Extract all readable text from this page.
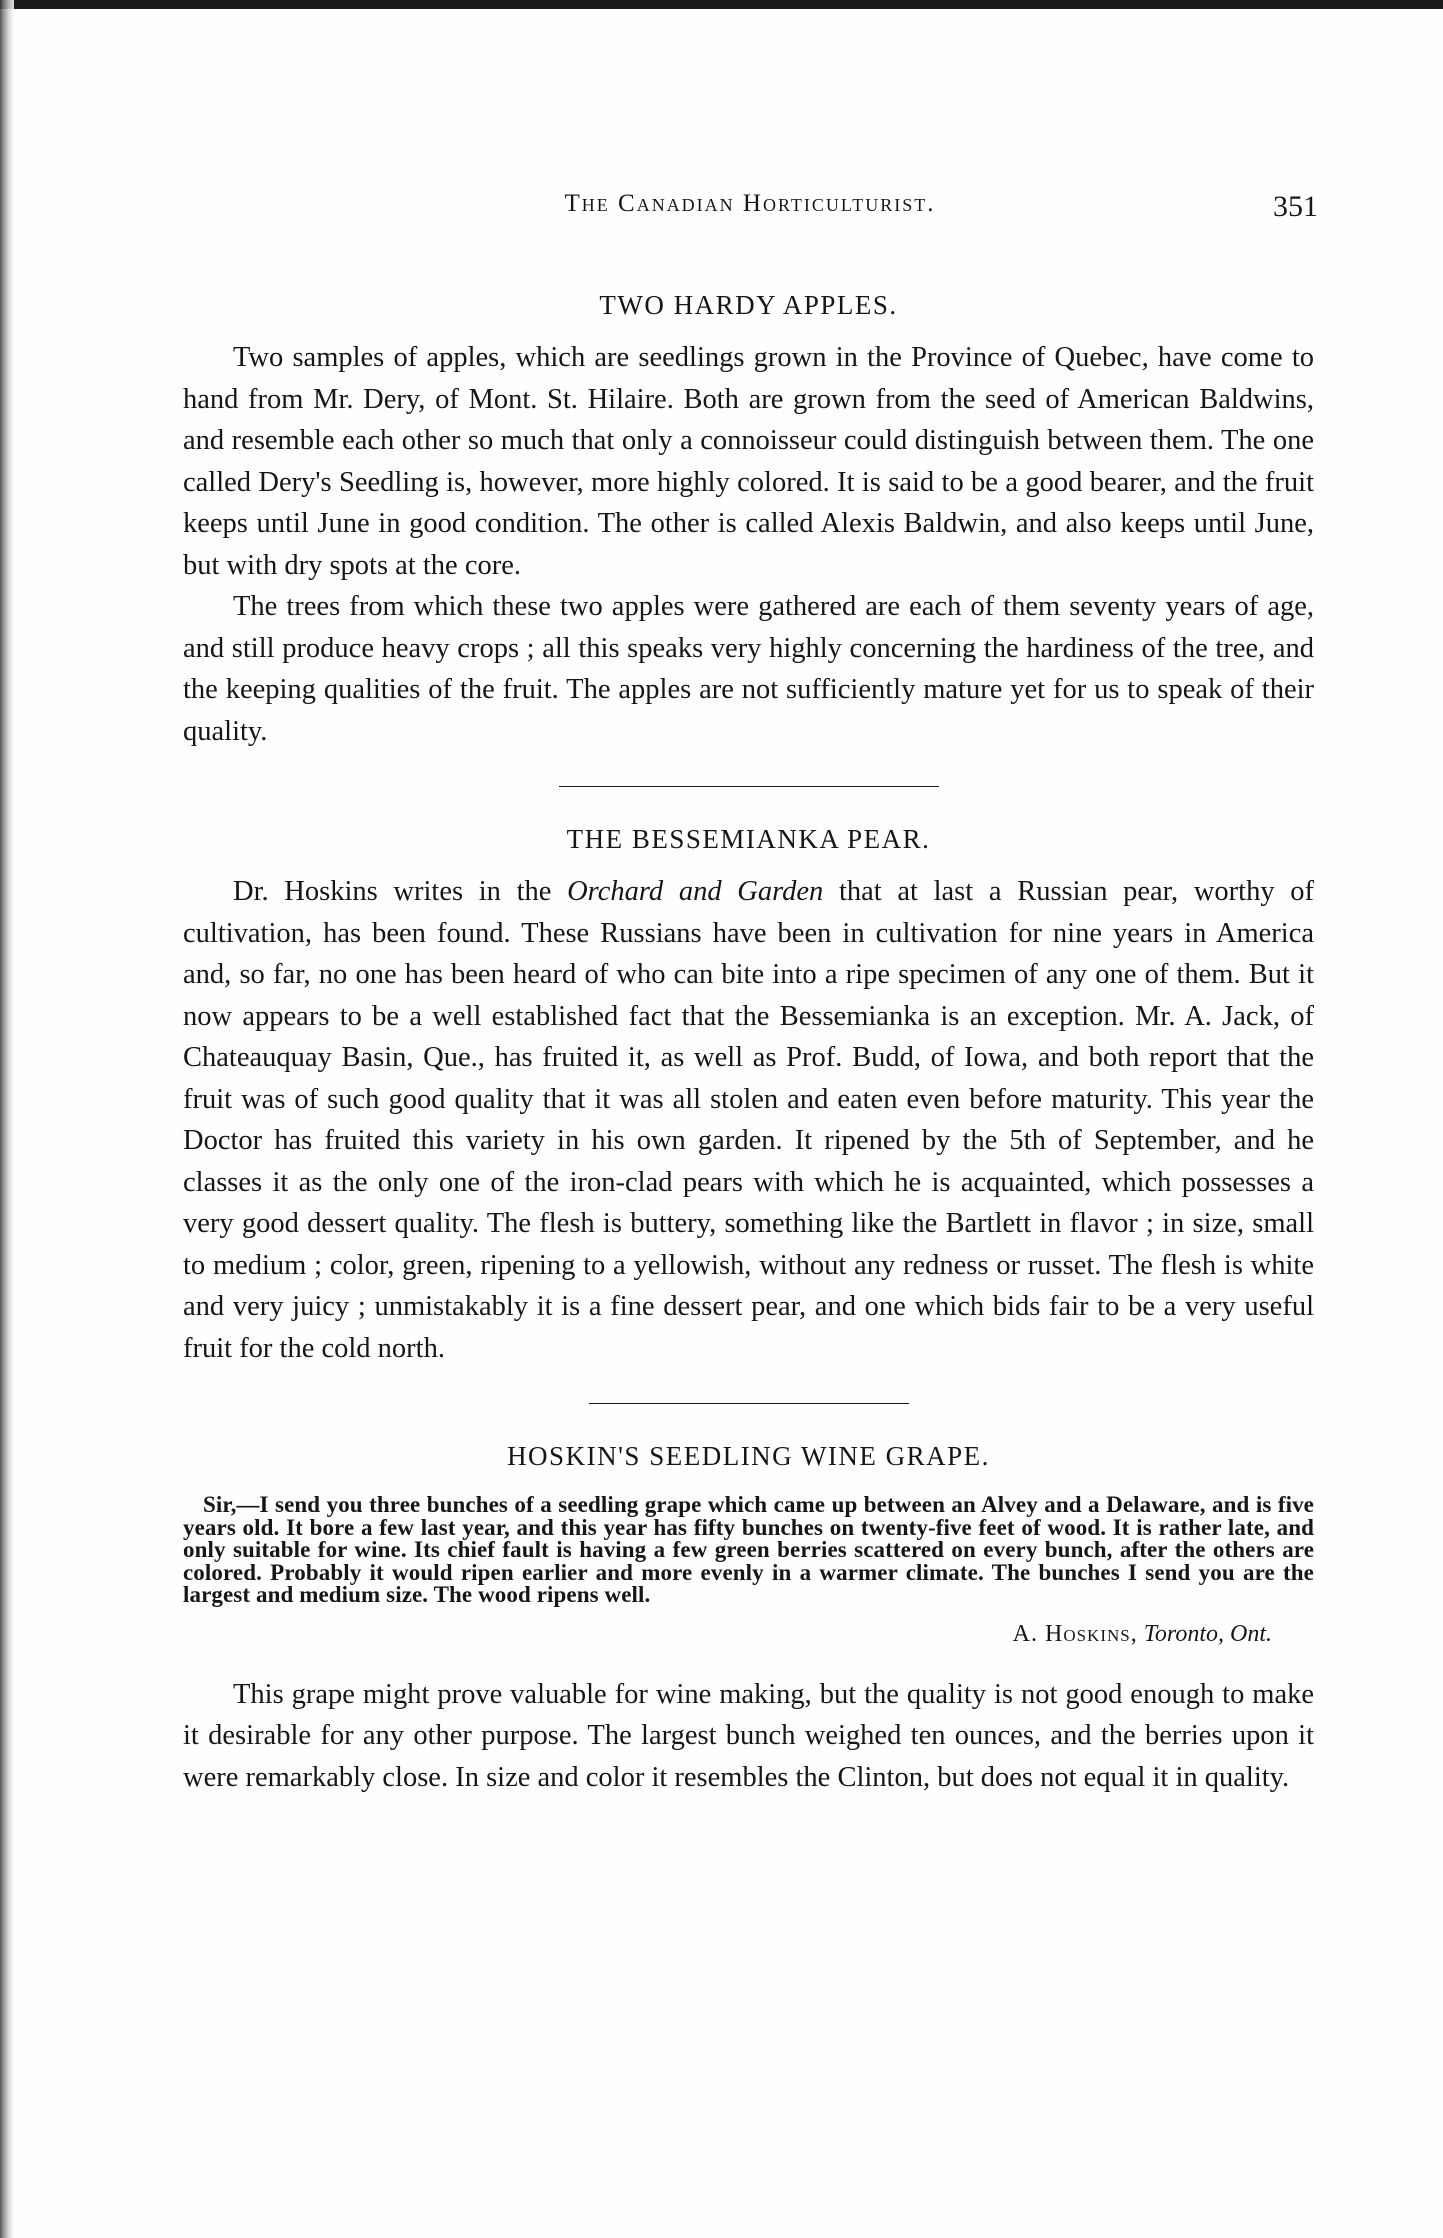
The Canadian Horticulturist.	351
TWO HARDY APPLES.

Two samples of apples, which are seedlings grown in the Province of Quebec, have come to hand from Mr. Dery, of Mont. St. Hilaire. Both are grown from the seed of American Baldwins, and resemble each other so much that only a connoisseur could distinguish between them. The one called Dery's Seedling is, however, more highly colored. It is said to be a good bearer, and the fruit keeps until June in good condition. The other is called Alexis Baldwin, and also keeps until June, but with dry spots at the core.

The trees from which these two apples were gathered are each of them seventy years of age, and still produce heavy crops ; all this speaks very highly concerning the hardiness of the tree, and the keeping qualities of the fruit. The apples are not sufficiently mature yet for us to speak of their quality.

THE BESSEMIANKA PEAR.

Dr. Hoskins writes in the Orchard and Garden that at last a Russian pear, worthy of cultivation, has been found. These Russians have been in cultivation for nine years in America and, so far, no one has been heard of who can bite into a ripe specimen of any one of them. But it now appears to be a well established fact that the Bessemianka is an exception. Mr. A. Jack, of Chateauquay Basin, Que., has fruited it, as well as Prof. Budd, of Iowa, and both report that the fruit was of such good quality that it was all stolen and eaten even before maturity. This year the Doctor has fruited this variety in his own garden. It ripened by the 5th of September, and he classes it as the only one of the iron-clad pears with which he is acquainted, which possesses a very good dessert quality. The flesh is buttery, something like the Bartlett in flavor ; in size, small to medium ; color, green, ripening to a yellowish, without any redness or russet. The flesh is white and very juicy ; unmistakably it is a fine dessert pear, and one which bids fair to be a very useful fruit for the cold north.

HOSKIN'S SEEDLING WINE GRAPE.

Sir,—I send you three bunches of a seedling grape which came up between an Alvey and a Delaware, and is five years old. It bore a few last year, and this year has fifty bunches on twenty-five feet of wood. It is rather late, and only suitable for wine. Its chief fault is having a few green berries scattered on every bunch, after the others are colored. Probably it would ripen earlier and more evenly in a warmer climate. The bunches I send you are the largest and medium size. The wood ripens well.

A. Hoskins, Toronto, Ont.

This grape might prove valuable for wine making, but the quality is not good enough to make it desirable for any other purpose. The largest bunch weighed ten ounces, and the berries upon it were remarkably close. In size and color it resembles the Clinton, but does not equal it in quality.
